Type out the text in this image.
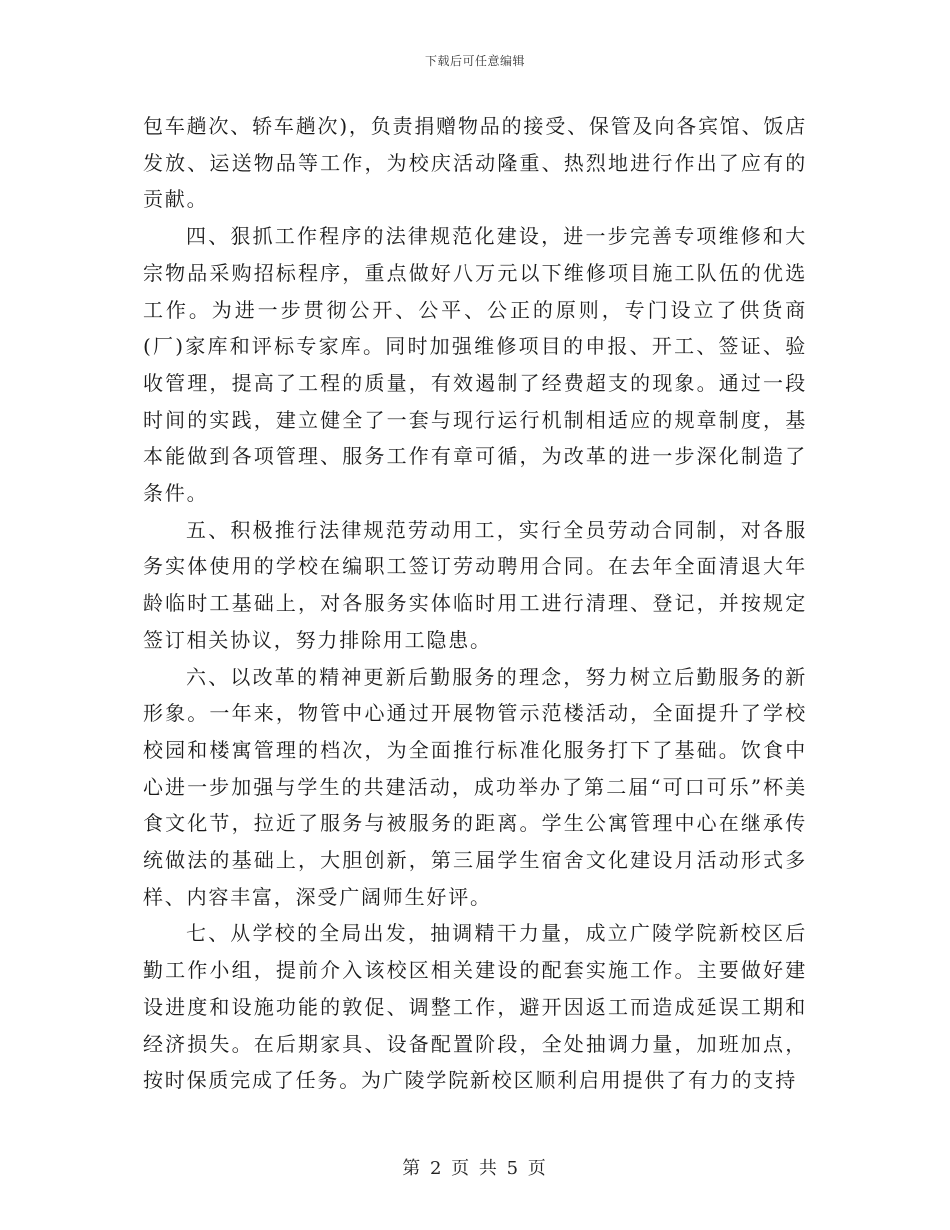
下载后可任意编辑

包车趟次、轿车趟次)，负责捐赠物品的接受、保管及向各宾馆、饭店发放、运送物品等工作，为校庆活动隆重、热烈地进行作出了应有的贡献。

四、狠抓工作程序的法律规范化建设，进一步完善专项维修和大宗物品采购招标程序，重点做好八万元以下维修项目施工队伍的优选工作。为进一步贯彻公开、公平、公正的原则，专门设立了供货商(厂)家库和评标专家库。同时加强维修项目的申报、开工、签证、验收管理，提高了工程的质量，有效遏制了经费超支的现象。通过一段时间的实践，建立健全了一套与现行运行机制相适应的规章制度，基本能做到各项管理、服务工作有章可循，为改革的进一步深化制造了条件。

五、积极推行法律规范劳动用工，实行全员劳动合同制，对各服务实体使用的学校在编职工签订劳动聘用合同。在去年全面清退大年龄临时工基础上，对各服务实体临时用工进行清理、登记，并按规定签订相关协议，努力排除用工隐患。

六、以改革的精神更新后勤服务的理念，努力树立后勤服务的新形象。一年来，物管中心通过开展物管示范楼活动，全面提升了学校校园和楼寓管理的档次，为全面推行标准化服务打下了基础。饮食中心进一步加强与学生的共建活动，成功举办了第二届“可口可乐”杯美食文化节，拉近了服务与被服务的距离。学生公寓管理中心在继承传统做法的基础上，大胆创新，第三届学生宿舍文化建设月活动形式多样、内容丰富，深受广阔师生好评。

七、从学校的全局出发，抽调精干力量，成立广陵学院新校区后勤工作小组，提前介入该校区相关建设的配套实施工作。主要做好建设进度和设施功能的敦促、调整工作，避开因返工而造成延误工期和经济损失。在后期家具、设备配置阶段，全处抽调力量，加班加点，按时保质完成了任务。为广陵学院新校区顺利启用提供了有力的支持

第 2 页 共 5 页
